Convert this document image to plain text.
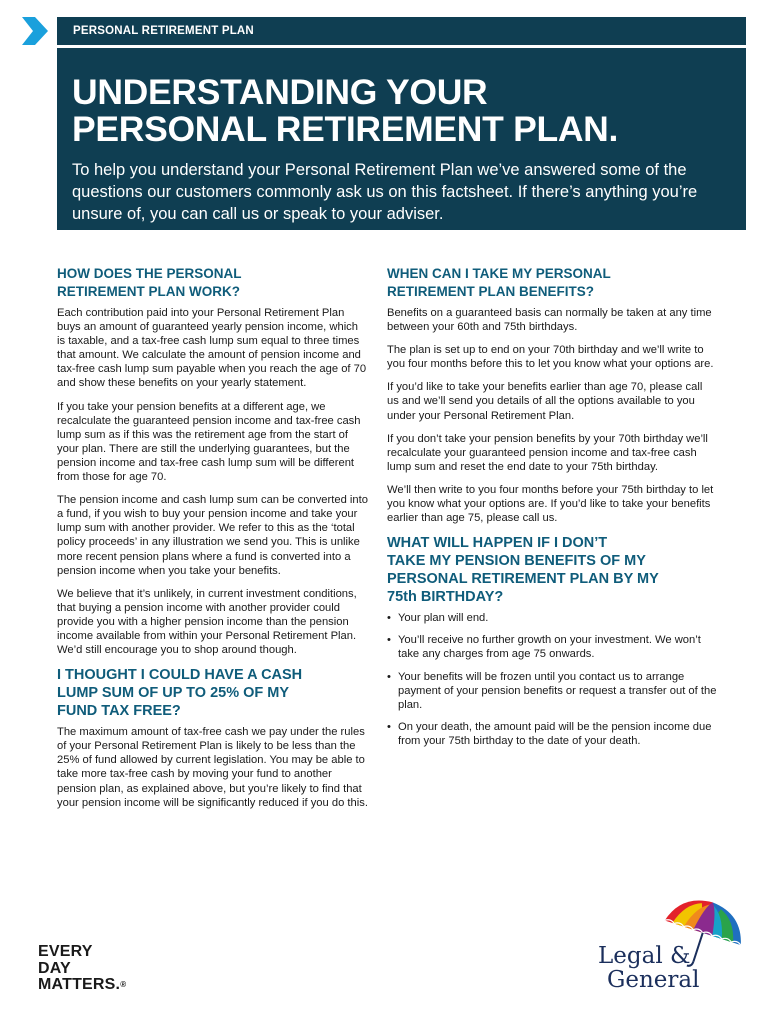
PERSONAL RETIREMENT PLAN
UNDERSTANDING YOUR
PERSONAL RETIREMENT PLAN.

To help you understand your Personal Retirement Plan we’ve answered some of the questions our customers commonly ask us on this factsheet. If there’s anything you’re unsure of, you can call us or speak to your adviser.

HOW DOES THE PERSONAL
RETIREMENT PLAN WORK?

Each contribution paid into your Personal Retirement Plan buys an amount of guaranteed yearly pension income, which is taxable, and a tax-free cash lump sum equal to three times that amount. We calculate the amount of pension income and tax-free cash lump sum payable when you reach the age of 70 and show these benefits on your yearly statement.

If you take your pension benefits at a different age, we recalculate the guaranteed pension income and tax-free cash lump sum as if this was the retirement age from the start of your plan. There are still the underlying guarantees, but the pension income and tax-free cash lump sum will be different from those for age 70.

The pension income and cash lump sum can be converted into a fund, if you wish to buy your pension income and take your lump sum with another provider. We refer to this as the ‘total policy proceeds’ in any illustration we send you. This is unlike more recent pension plans where a fund is converted into a pension income when you take your benefits.

We believe that it’s unlikely, in current investment conditions, that buying a pension income with another provider could provide you with a higher pension income than the pension income available from within your Personal Retirement Plan. We’d still encourage you to shop around though.

I THOUGHT I COULD HAVE A CASH
LUMP SUM OF UP TO 25% OF MY
FUND TAX FREE?

The maximum amount of tax-free cash we pay under the rules of your Personal Retirement Plan is likely to be less than the 25% of fund allowed by current legislation. You may be able to take more tax-free cash by moving your fund to another pension plan, as explained above, but you’re likely to find that your pension income will be significantly reduced if you do this.

WHEN CAN I TAKE MY PERSONAL
RETIREMENT PLAN BENEFITS?

Benefits on a guaranteed basis can normally be taken at any time between your 60th and 75th birthdays.

The plan is set up to end on your 70th birthday and we’ll write to you four months before this to let you know what your options are.

If you’d like to take your benefits earlier than age 70, please call us and we’ll send you details of all the options available to you under your Personal Retirement Plan.

If you don’t take your pension benefits by your 70th birthday we’ll recalculate your guaranteed pension income and tax-free cash lump sum and reset the end date to your 75th birthday.

We’ll then write to you four months before your 75th birthday to let you know what your options are. If you’d like to take your benefits earlier than age 75, please call us.

WHAT WILL HAPPEN IF I DON’T
TAKE MY PENSION BENEFITS OF MY
PERSONAL RETIREMENT PLAN BY MY
75th BIRTHDAY?
• Your plan will end.
• You’ll receive no further growth on your investment. We won’t take any charges from age 75 onwards.
• Your benefits will be frozen until you contact us to arrange payment of your pension benefits or request a transfer out of the plan.
• On your death, the amount paid will be the pension income due from your 75th birthday to the date of your death.
EVERY
DAY
MATTERS.®
Legal &
General
